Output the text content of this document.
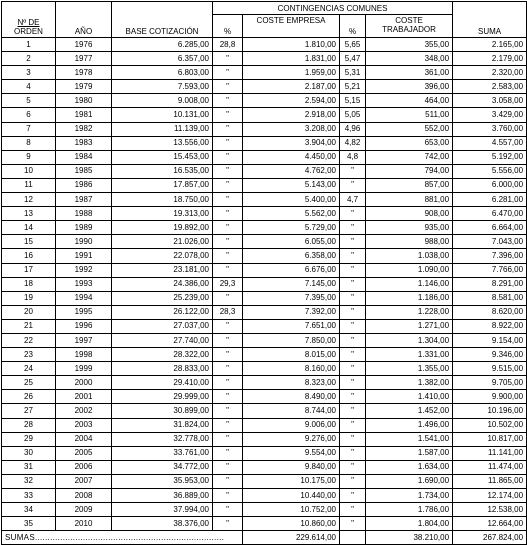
Nº DE
ORDEN	AÑO	BASE COTIZACIÓN	CONTINGENCIAS COMUNES				SUMA
			%	COSTE EMPRESA	%	COSTE
TRABAJADOR	
1	1976	6.285,00	28,8	1.810,00	5,65	355,00	2.165,00
2	1977	6.357,00	"	1.831,00	5,47	348,00	2.179,00
3	1978	6.803,00	"	1.959,00	5,31	361,00	2.320,00
4	1979	7.593,00	"	2.187,00	5,21	396,00	2.583,00
5	1980	9.008,00	"	2.594,00	5,15	464,00	3.058,00
6	1981	10.131,00	"	2.918,00	5,05	511,00	3.429,00
7	1982	11.139,00	"	3.208,00	4,96	552,00	3.760,00
8	1983	13.556,00	"	3.904,00	4,82	653,00	4.557,00
9	1984	15.453,00	"	4.450,00	4,8	742,00	5.192,00
10	1985	16.535,00	"	4.762,00	"	794,00	5.556,00
11	1986	17.857,00	"	5.143,00	"	857,00	6.000,00
12	1987	18.750,00	"	5.400,00	4,7	881,00	6.281,00
13	1988	19.313,00	"	5.562,00	"	908,00	6.470,00
14	1989	19.892,00	"	5.729,00	"	935,00	6.664,00
15	1990	21.026,00	"	6.055,00	"	988,00	7.043,00
16	1991	22.078,00	"	6.358,00	"	1.038,00	7.396,00
17	1992	23.181,00	"	6.676,00	"	1.090,00	7.766,00
18	1993	24.386,00	29,3	7.145,00	"	1.146,00	8.291,00
19	1994	25.239,00	"	7.395,00	"	1.186,00	8.581,00
20	1995	26.122,00	28,3	7.392,00	"	1.228,00	8.620,00
21	1996	27.037,00	"	7.651,00	"	1.271,00	8.922,00
22	1997	27.740,00	"	7.850,00	"	1.304,00	9.154,00
23	1998	28.322,00	"	8.015,00	"	1.331,00	9.346,00
24	1999	28.833,00	"	8.160,00	"	1.355,00	9.515,00
25	2000	29.410,00	"	8.323,00	"	1.382,00	9.705,00
26	2001	29.999,00	"	8.490,00	"	1.410,00	9.900,00
27	2002	30.899,00	"	8.744,00	"	1.452,00	10.196,00
28	2003	31.824,00	"	9.006,00	"	1.496,00	10.502,00
29	2004	32.778,00	"	9.276,00	"	1.541,00	10.817,00
30	2005	33.761,00	"	9.554,00	"	1.587,00	11.141,00
31	2006	34.772,00	"	9.840,00	"	1.634,00	11.474,00
32	2007	35.953,00	"	10.175,00	"	1.690,00	11.865,00
33	2008	36.889,00	"	10.440,00	"	1.734,00	12.174,00
34	2009	37.994,00	"	10.752,00	"	1.786,00	12.538,00
35	2010	38.376,00	"	10.860,00	"	1.804,00	12.664,00
SUMAS...........................................................................				229.614,00		38.210,00	267.824,00
